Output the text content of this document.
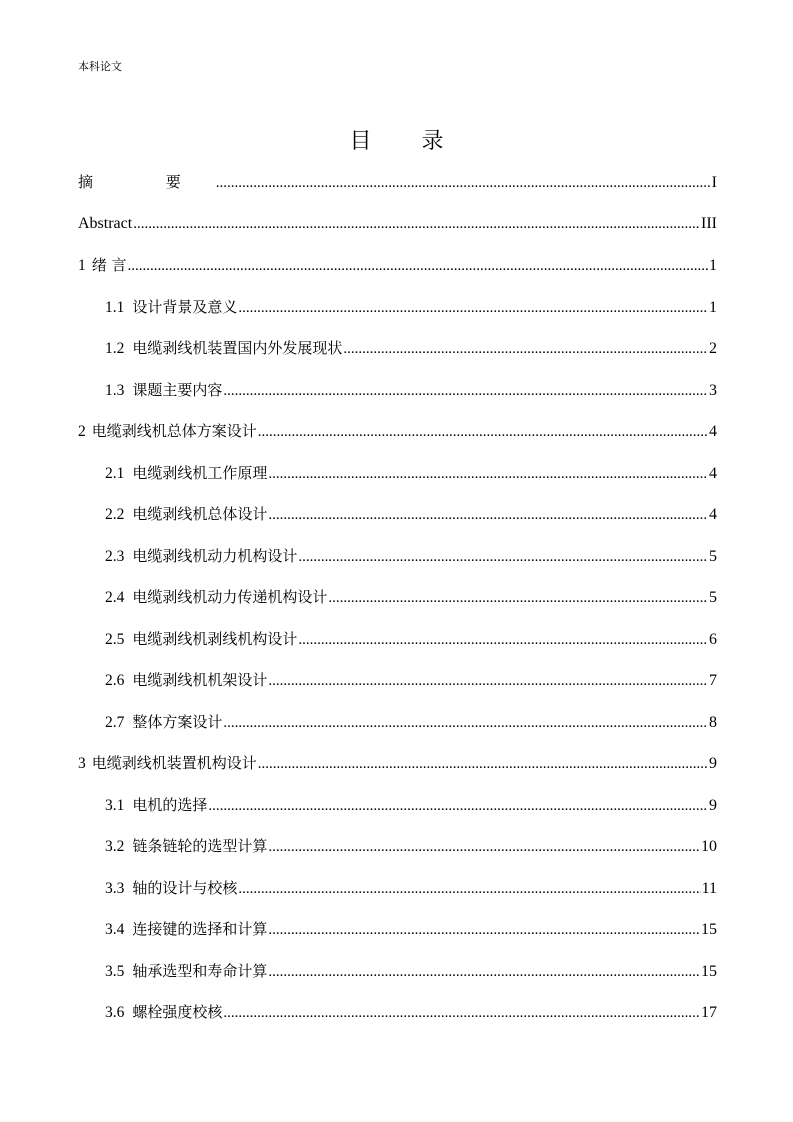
本科论文
目 录
摘 要 .....	I
Abstract .....	III
1 绪 言 .....	1
1.1 设计背景及意义 .....	1
1.2 电缆剥线机装置国内外发展现状 .....	2
1.3 课题主要内容 .....	3
2 电缆剥线机总体方案设计 .....	4
2.1 电缆剥线机工作原理 .....	4
2.2 电缆剥线机总体设计 .....	4
2.3 电缆剥线机动力机构设计 .....	5
2.4 电缆剥线机动力传递机构设计 .....	5
2.5 电缆剥线机剥线机构设计 .....	6
2.6 电缆剥线机机架设计 .....	7
2.7 整体方案设计 .....	8
3 电缆剥线机装置机构设计 .....	9
3.1 电机的选择 .....	9
3.2 链条链轮的选型计算 .....	10
3.3 轴的设计与校核 .....	11
3.4 连接键的选择和计算 .....	15
3.5 轴承选型和寿命计算 .....	15
3.6 螺栓强度校核 .....	17
